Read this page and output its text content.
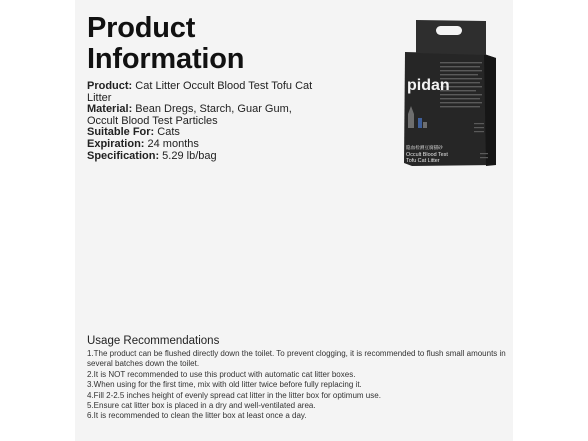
Product
Information
Product: Cat Litter Occult Blood Test Tofu Cat Litter
Material: Bean Dregs, Starch, Guar Gum, Occult Blood Test Particles
Suitable For: Cats
Expiration: 24 months
Specification: 5.29 lb/bag
pidan
隐血检测豆腐猫砂
Occult Blood Test
Tofu Cat Litter
Usage Recommendations
1.The product can be flushed directly down the toilet. To prevent clogging, it is recommended to flush small amounts in several batches down the toilet.
2.It is NOT recommended to use this product with automatic cat litter boxes.
3.When using for the first time, mix with old litter twice before fully replacing it.
4.Fill 2-2.5 inches height of evenly spread cat litter in the litter box for optimum use.
5.Ensure cat litter box is placed in a dry and well-ventilated area.
6.It is recommended to clean the litter box at least once a day.
